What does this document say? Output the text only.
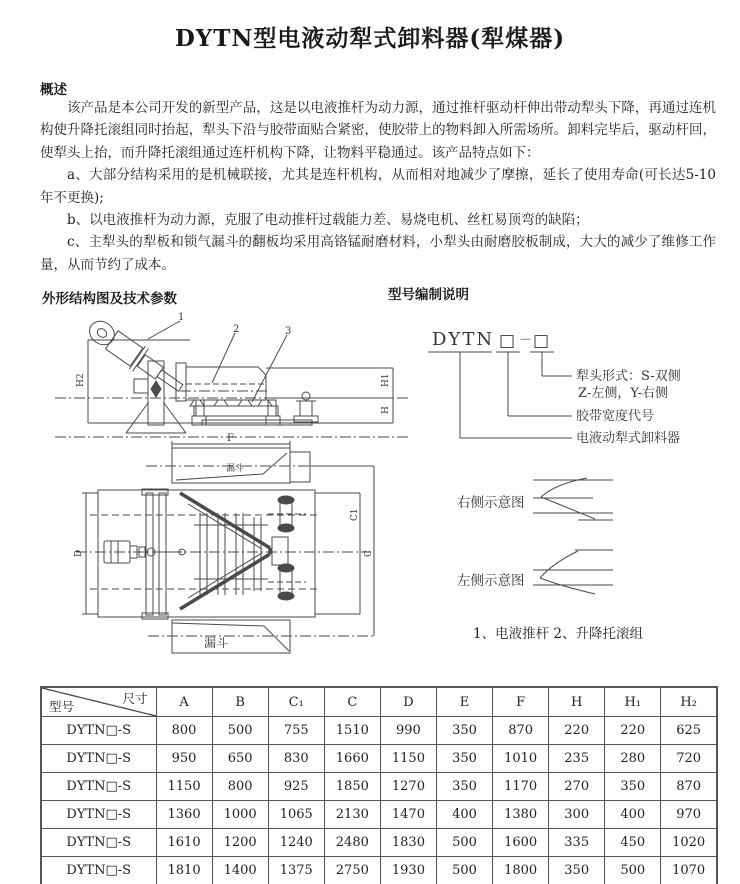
DYTN型电液动犁式卸料器(犁煤器)
概述

该产品是本公司开发的新型产品，这是以电液推杆为动力源，通过推杆驱动杆伸出带动犁头下降，再通过连机构使升降托滚组同时抬起，犁头下沿与胶带面贴合紧密，使胶带上的物料卸入所需场所。卸料完毕后，驱动杆回，使犁头上抬，而升降托滚组通过连杆机构下降，让物料平稳通过。该产品特点如下：

a、大部分结构采用的是机械联接，尤其是连杆机构，从而相对地减少了摩擦，延长了使用寿命(可长达5-10年不更换);

b、以电液推杆为动力源，克服了电动推杆过载能力差、易烧电机、丝杠易顶弯的缺陷；

c、主犁头的犁板和锁气漏斗的翻板均采用高铬锰耐磨材料，小犁头由耐磨胶板制成，大大的减少了维修工作量，从而节约了成本。

外形结构图及技术参数	型号编制说明
1
2	3
H2	H1
H
F
D
C1
C
漏斗
漏斗
DYTN □ － □
犁头形式：S-双侧
Z-左侧，Y-右侧
胶带宽度代号
电液动犁式卸料器
右侧示意图
左侧示意图
1、电液推杆 2、升降托滚组
尺寸
型号	A	B	C₁	C	D	E	F	H	H₁	H₂
DYTN□-S	800	500	755	1510	990	350	870	220	220	625
DYTN□-S	950	650	830	1660	1150	350	1010	235	280	720
DYTN□-S	1150	800	925	1850	1270	350	1170	270	350	870
DYTN□-S	1360	1000	1065	2130	1470	400	1380	300	400	970
DYTN□-S	1610	1200	1240	2480	1830	500	1600	335	450	1020
DYTN□-S	1810	1400	1375	2750	1930	500	1800	350	500	1070
